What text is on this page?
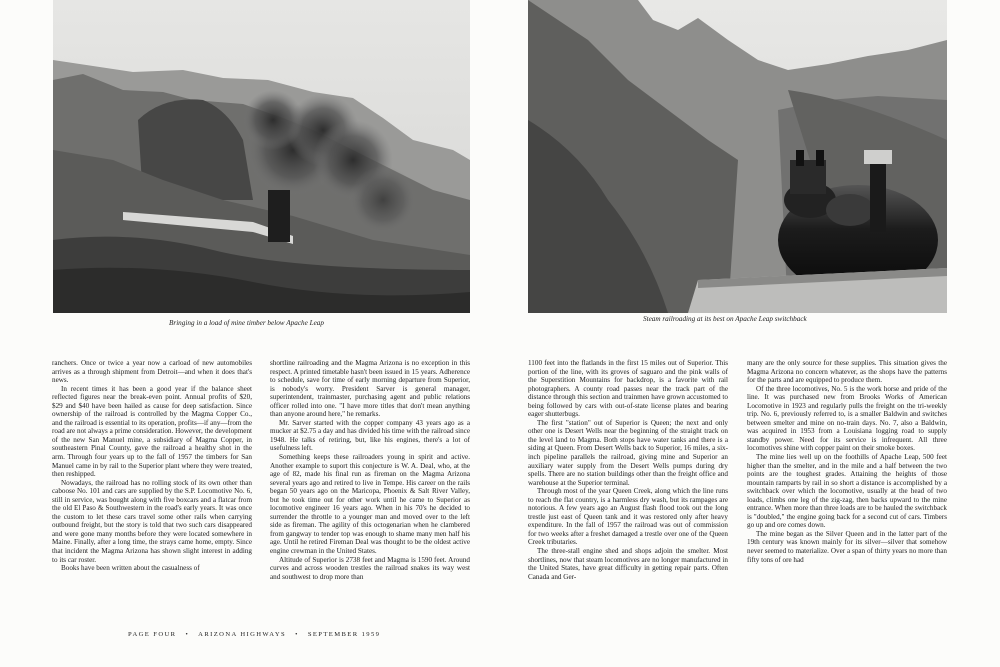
Bringing in a load of mine timber below Apache Leap	Steam railroading at its best on Apache Leap switchback

ranchers. Once or twice a year now a carload of new automobiles arrives as a through shipment from Detroit—and when it does that's news.

In recent times it has been a good year if the balance sheet reflected figures near the break-even point. Annual profits of $20, $29 and $40 have been hailed as cause for deep satisfaction. Since ownership of the railroad is controlled by the Magma Copper Co., and the railroad is essential to its operation, profits—if any—from the road are not always a prime consideration. However, the development of the new San Manuel mine, a subsidiary of Magma Copper, in southeastern Pinal County, gave the railroad a healthy shot in the arm. Through four years up to the fall of 1957 the timbers for San Manuel came in by rail to the Superior plant where they were treated, then reshipped.

Nowadays, the railroad has no rolling stock of its own other than caboose No. 101 and cars are supplied by the S.P. Locomotive No. 6, still in service, was bought along with five boxcars and a flatcar from the old El Paso & Southwestern in the road's early years. It was once the custom to let these cars travel some other rails when carrying outbound freight, but the story is told that two such cars disappeared and were gone many months before they were located somewhere in Maine. Finally, after a long time, the strays came home, empty. Since that incident the Magma Arizona has shown slight interest in adding to its car roster.

Books have been written about the casualness of

shortline railroading and the Magma Arizona is no exception in this respect. A printed timetable hasn't been issued in 15 years. Adherence to schedule, save for time of early morning departure from Superior, is nobody's worry. President Sarver is general manager, superintendent, trainmaster, purchasing agent and public relations officer rolled into one. "I have more titles that don't mean anything than anyone around here," he remarks.

Mr. Sarver started with the copper company 43 years ago as a mucker at $2.75 a day and has divided his time with the railroad since 1948. He talks of retiring, but, like his engines, there's a lot of usefulness left.

Something keeps these railroaders young in spirit and active. Another example to suport this conjecture is W. A. Deal, who, at the age of 82, made his final run as fireman on the Magma Arizona several years ago and retired to live in Tempe. His career on the rails began 50 years ago on the Maricopa, Phoenix & Salt River Valley, but he took time out for other work until he came to Superior as locomotive engineer 16 years ago. When in his 70's he decided to surrender the throttle to a younger man and moved over to the left side as fireman. The agility of this octogenarian when he clambered from gangway to tender top was enough to shame many men half his age. Until he retired Fireman Deal was thought to be the oldest active engine crewman in the United States.

Altitude of Superior is 2738 feet and Magma is 1590 feet. Around curves and across wooden trestles the railroad snakes its way west and southwest to drop more than

1100 feet into the flatlands in the first 15 miles out of Superior. This portion of the line, with its groves of saguaro and the pink walls of the Superstition Mountains for backdrop, is a favorite with rail photographers. A county road passes near the track part of the distance through this section and trainmen have grown accustomed to being followed by cars with out-of-state license plates and bearing eager shutterbugs.

The first "station" out of Superior is Queen; the next and only other one is Desert Wells near the beginning of the straight track on the level land to Magma. Both stops have water tanks and there is a siding at Queen. From Desert Wells back to Superior, 16 miles, a six-inch pipeline parallels the railroad, giving mine and Superior an auxiliary water supply from the Desert Wells pumps during dry spells. There are no station buildings other than the freight office and warehouse at the Superior terminal.

Through most of the year Queen Creek, along which the line runs to reach the flat country, is a harmless dry wash, but its rampages are notorious. A few years ago an August flash flood took out the long trestle just east of Queen tank and it was restored only after heavy expenditure. In the fall of 1957 the railroad was out of commission for two weeks after a freshet damaged a trestle over one of the Queen Creek tributaries.

The three-stall engine shed and shops adjoin the smelter. Most shortlines, now that steam locomotives are no longer manufactured in the United States, have great difficulty in getting repair parts. Often Canada and Ger-

many are the only source for these supplies. This situation gives the Magma Arizona no concern whatever, as the shops have the patterns for the parts and are equipped to produce them.

Of the three locomotives, No. 5 is the work horse and pride of the line. It was purchased new from Brooks Works of American Locomotive in 1923 and regularly pulls the freight on the tri-weekly trip. No. 6, previously referred to, is a smaller Baldwin and switches between smelter and mine on no-train days. No. 7, also a Baldwin, was acquired in 1953 from a Louisiana logging road to supply standby power. Need for its service is infrequent. All three locomotives shine with copper paint on their smoke boxes.

The mine lies well up on the foothills of Apache Leap, 500 feet higher than the smelter, and in the mile and a half between the two points are the toughest grades. Attaining the heights of those mountain ramparts by rail in so short a distance is accomplished by a switchback over which the locomotive, usually at the head of two loads, climbs one leg of the zig-zag, then backs upward to the mine entrance. When more than three loads are to be hauled the switchback is "doubled," the engine going back for a second cut of cars. Timbers go up and ore comes down.

The mine began as the Silver Queen and in the latter part of the 19th century was known mainly for its silver—silver that somehow never seemed to materialize. Over a span of thirty years no more than fifty tons of ore had

PAGE FOUR • ARIZONA HIGHWAYS • SEPTEMBER 1959
